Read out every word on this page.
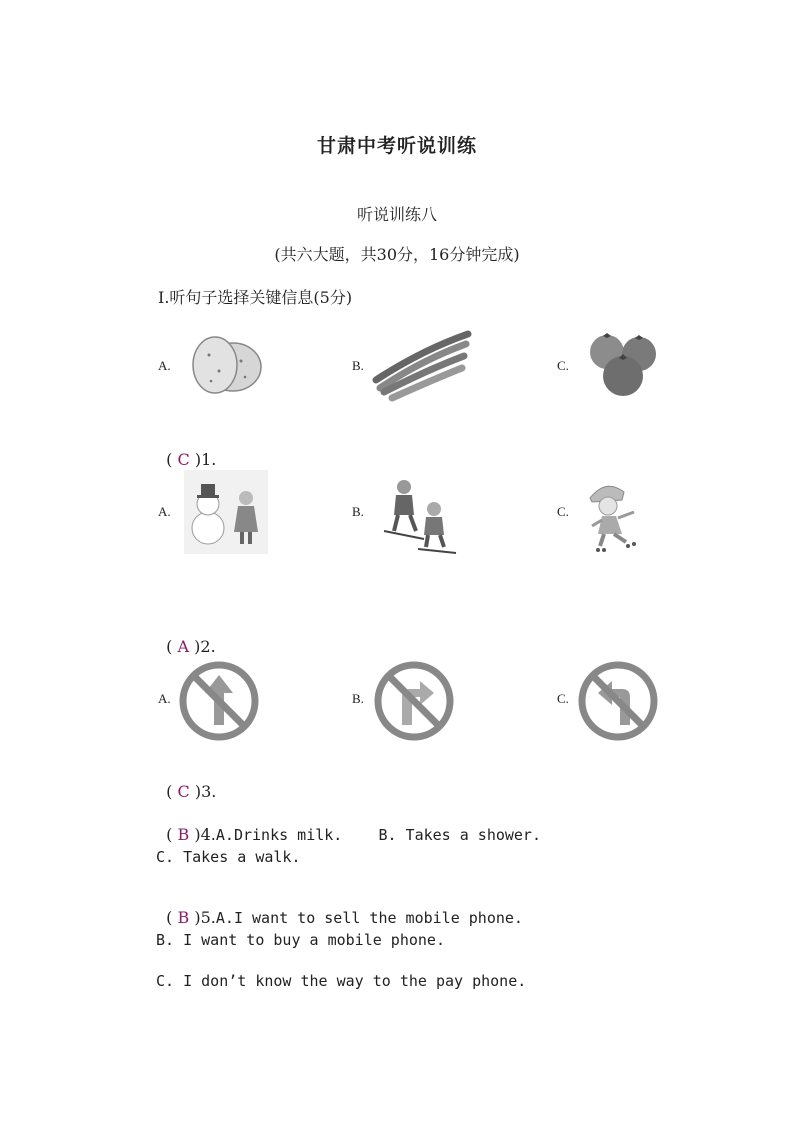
甘肃中考听说训练
听说训练八
(共六大题，共30分，16分钟完成)
Ⅰ.听句子选择关键信息(5分)
A.	B.	C.

( C )1.

A.	B.	C.

( A )2.

A.	B.	C.

( C )3.

( B )4.A.Drinks milk.    B. Takes a shower.

C. Takes a walk.

( B )5.A.I want to sell the mobile phone.

B. I want to buy a mobile phone.
C. I don’t know the way to the pay phone.
